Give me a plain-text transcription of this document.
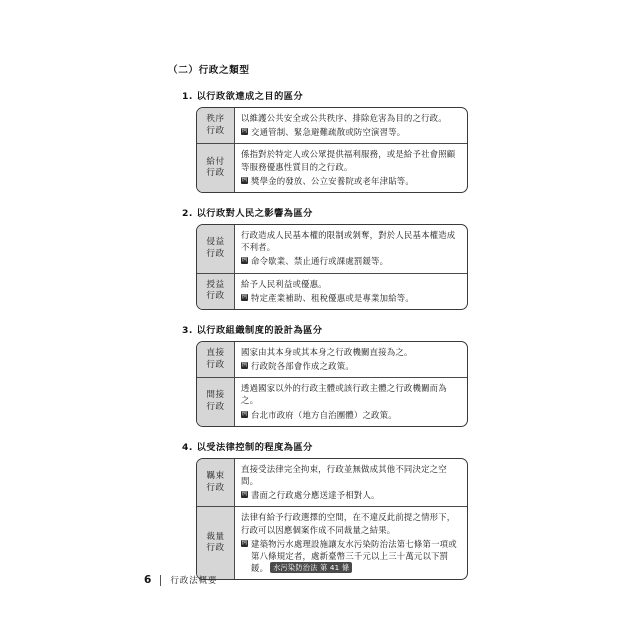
（二）行政之類型
1. 以行政欲達成之目的區分
秩序
行政

以維護公共安全或公共秩序、排除危害為目的之行政。

例 交通管制、緊急避難疏散或防空演習等。
給付
行政

係指對於特定人或公眾提供福利服務，或是給予社會照顧等服務優惠性質目的之行政。

例 獎學金的發放、公立安養院或老年津貼等。
2. 以行政對人民之影響為區分
侵益
行政

行政造成人民基本權的限制或剝奪，對於人民基本權造成不利者。

例 命令歇業、禁止通行或課處罰鍰等。
授益
行政

給予人民利益或優惠。

例 特定產業補助、租稅優惠或是專業加給等。
3. 以行政組織制度的設計為區分
直接
行政

國家由其本身或其本身之行政機關直接為之。

例 行政院各部會作成之政策。
間接
行政

透過國家以外的行政主體或該行政主體之行政機關而為之。

例 台北市政府（地方自治團體）之政策。
4. 以受法律控制的程度為區分
羈束
行政

直接受法律完全拘束，行政並無做成其他不同決定之空間。

例 書面之行政處分應送達予相對人。
裁量
行政

法律有給予行政選擇的空間，在不違反此前提之情形下，行政可以因應個案作成不同裁量之結果。

例 建築物污水處理設施讓友水污染防治法第七條第一項或第八條規定者，處新臺幣三千元以上三十萬元以下罰鍰。 水污染防治法 第 41 條
6 行政法概要
